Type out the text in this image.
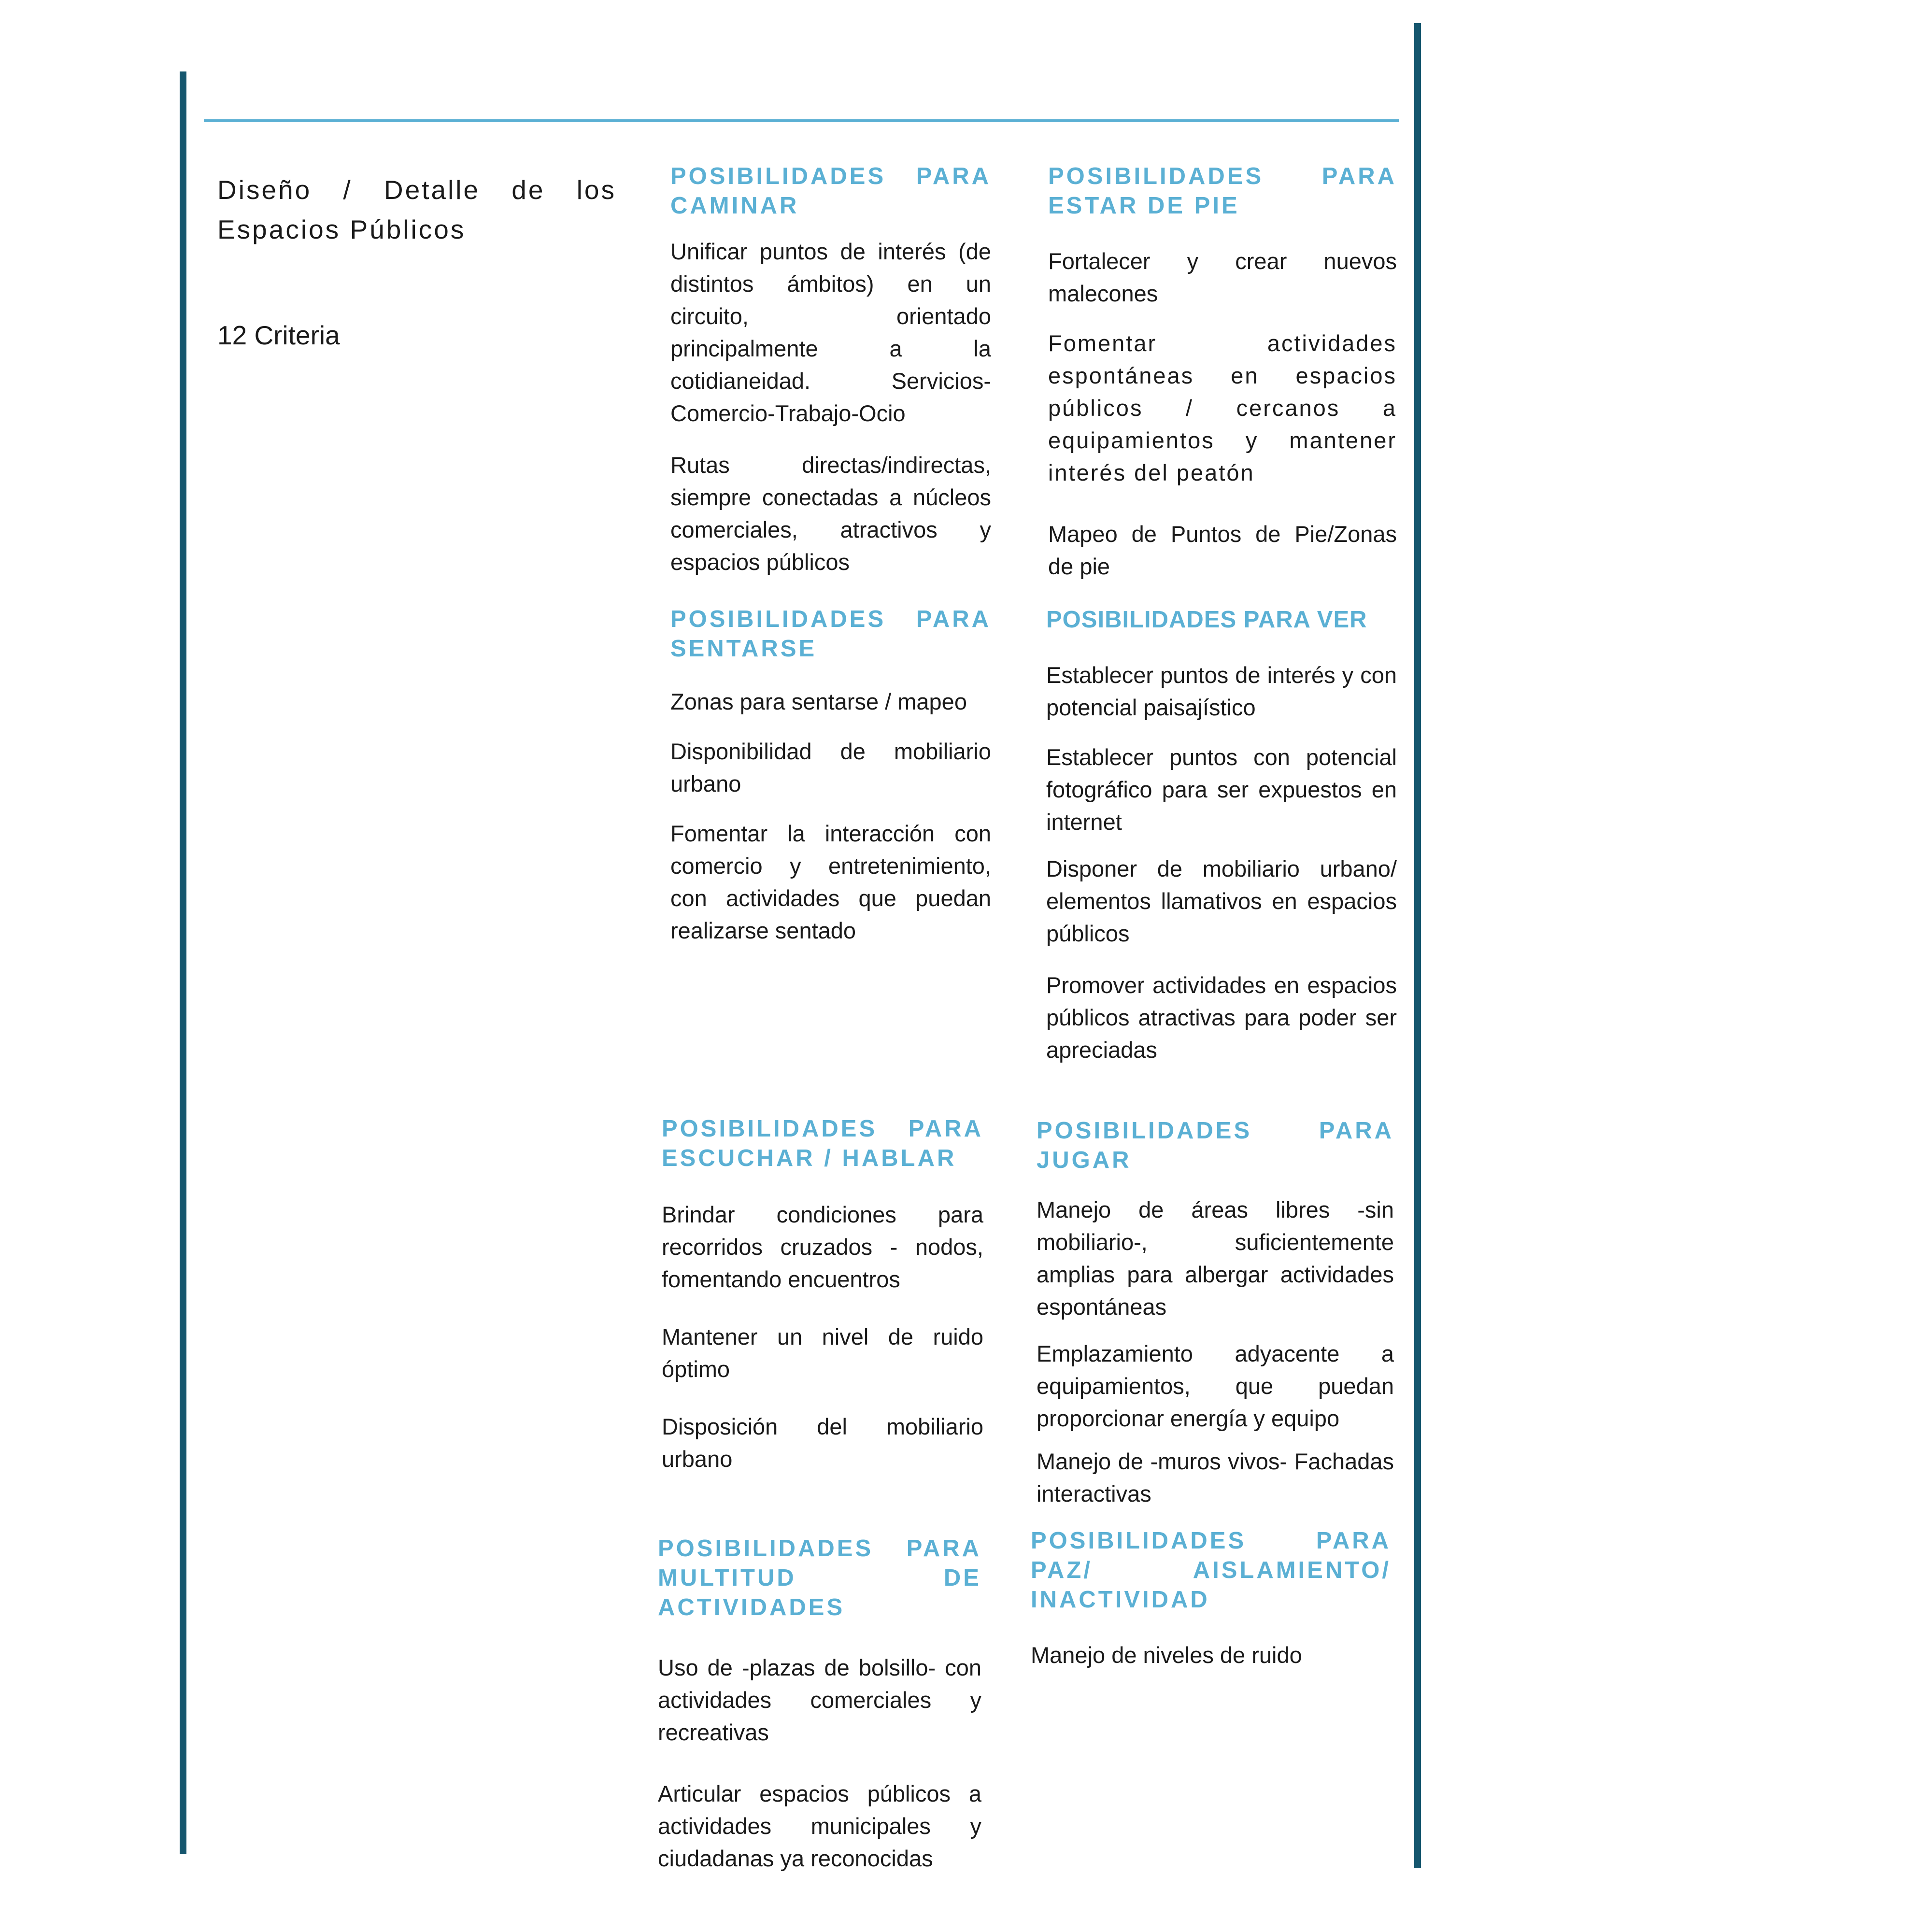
Diseño / Detalle de los Espacios Públicos
12 Criteria
POSIBILIDADES PARA CAMINAR
Unificar puntos de interés (de distintos ámbitos) en un circuito, orientado principalmente a la cotidianeidad. Servicios-Comercio-Trabajo-Ocio
Rutas directas/indirectas, siempre conectadas a núcleos comerciales, atractivos y espacios públicos
POSIBILIDADES PARA ESTAR DE PIE
Fortalecer y crear nuevos malecones
Fomentar actividades espontáneas en espacios públicos / cercanos a equipamientos y mantener interés del peatón
Mapeo de Puntos de Pie/Zonas de pie
POSIBILIDADES PARA SENTARSE
Zonas para sentarse / mapeo
Disponibilidad de mobiliario urbano
Fomentar la interacción con comercio y entretenimiento, con actividades que puedan realizarse sentado
POSIBILIDADES PARA VER
Establecer puntos de interés y con potencial paisajístico
Establecer puntos con potencial fotográfico para ser expuestos en internet
Disponer de mobiliario urbano/ elementos llamativos en espacios públicos
Promover actividades en espacios públicos atractivas para poder ser apreciadas
POSIBILIDADES PARA ESCUCHAR / HABLAR
Brindar condiciones para recorridos cruzados - nodos, fomentando encuentros
Mantener un nivel de ruido óptimo
Disposición del mobiliario urbano
POSIBILIDADES PARA JUGAR
Manejo de áreas libres -sin mobiliario-, suficientemente amplias para albergar actividades espontáneas
Emplazamiento adyacente a equipamientos, que puedan proporcionar energía y equipo
Manejo de -muros vivos- Fachadas interactivas
POSIBILIDADES PARA MULTITUD DE ACTIVIDADES
Uso de -plazas de bolsillo- con actividades comerciales y recreativas
Articular espacios públicos a actividades municipales y ciudadanas ya reconocidas
POSIBILIDADES PARA PAZ/ AISLAMIENTO/ INACTIVIDAD
Manejo de niveles de ruido
